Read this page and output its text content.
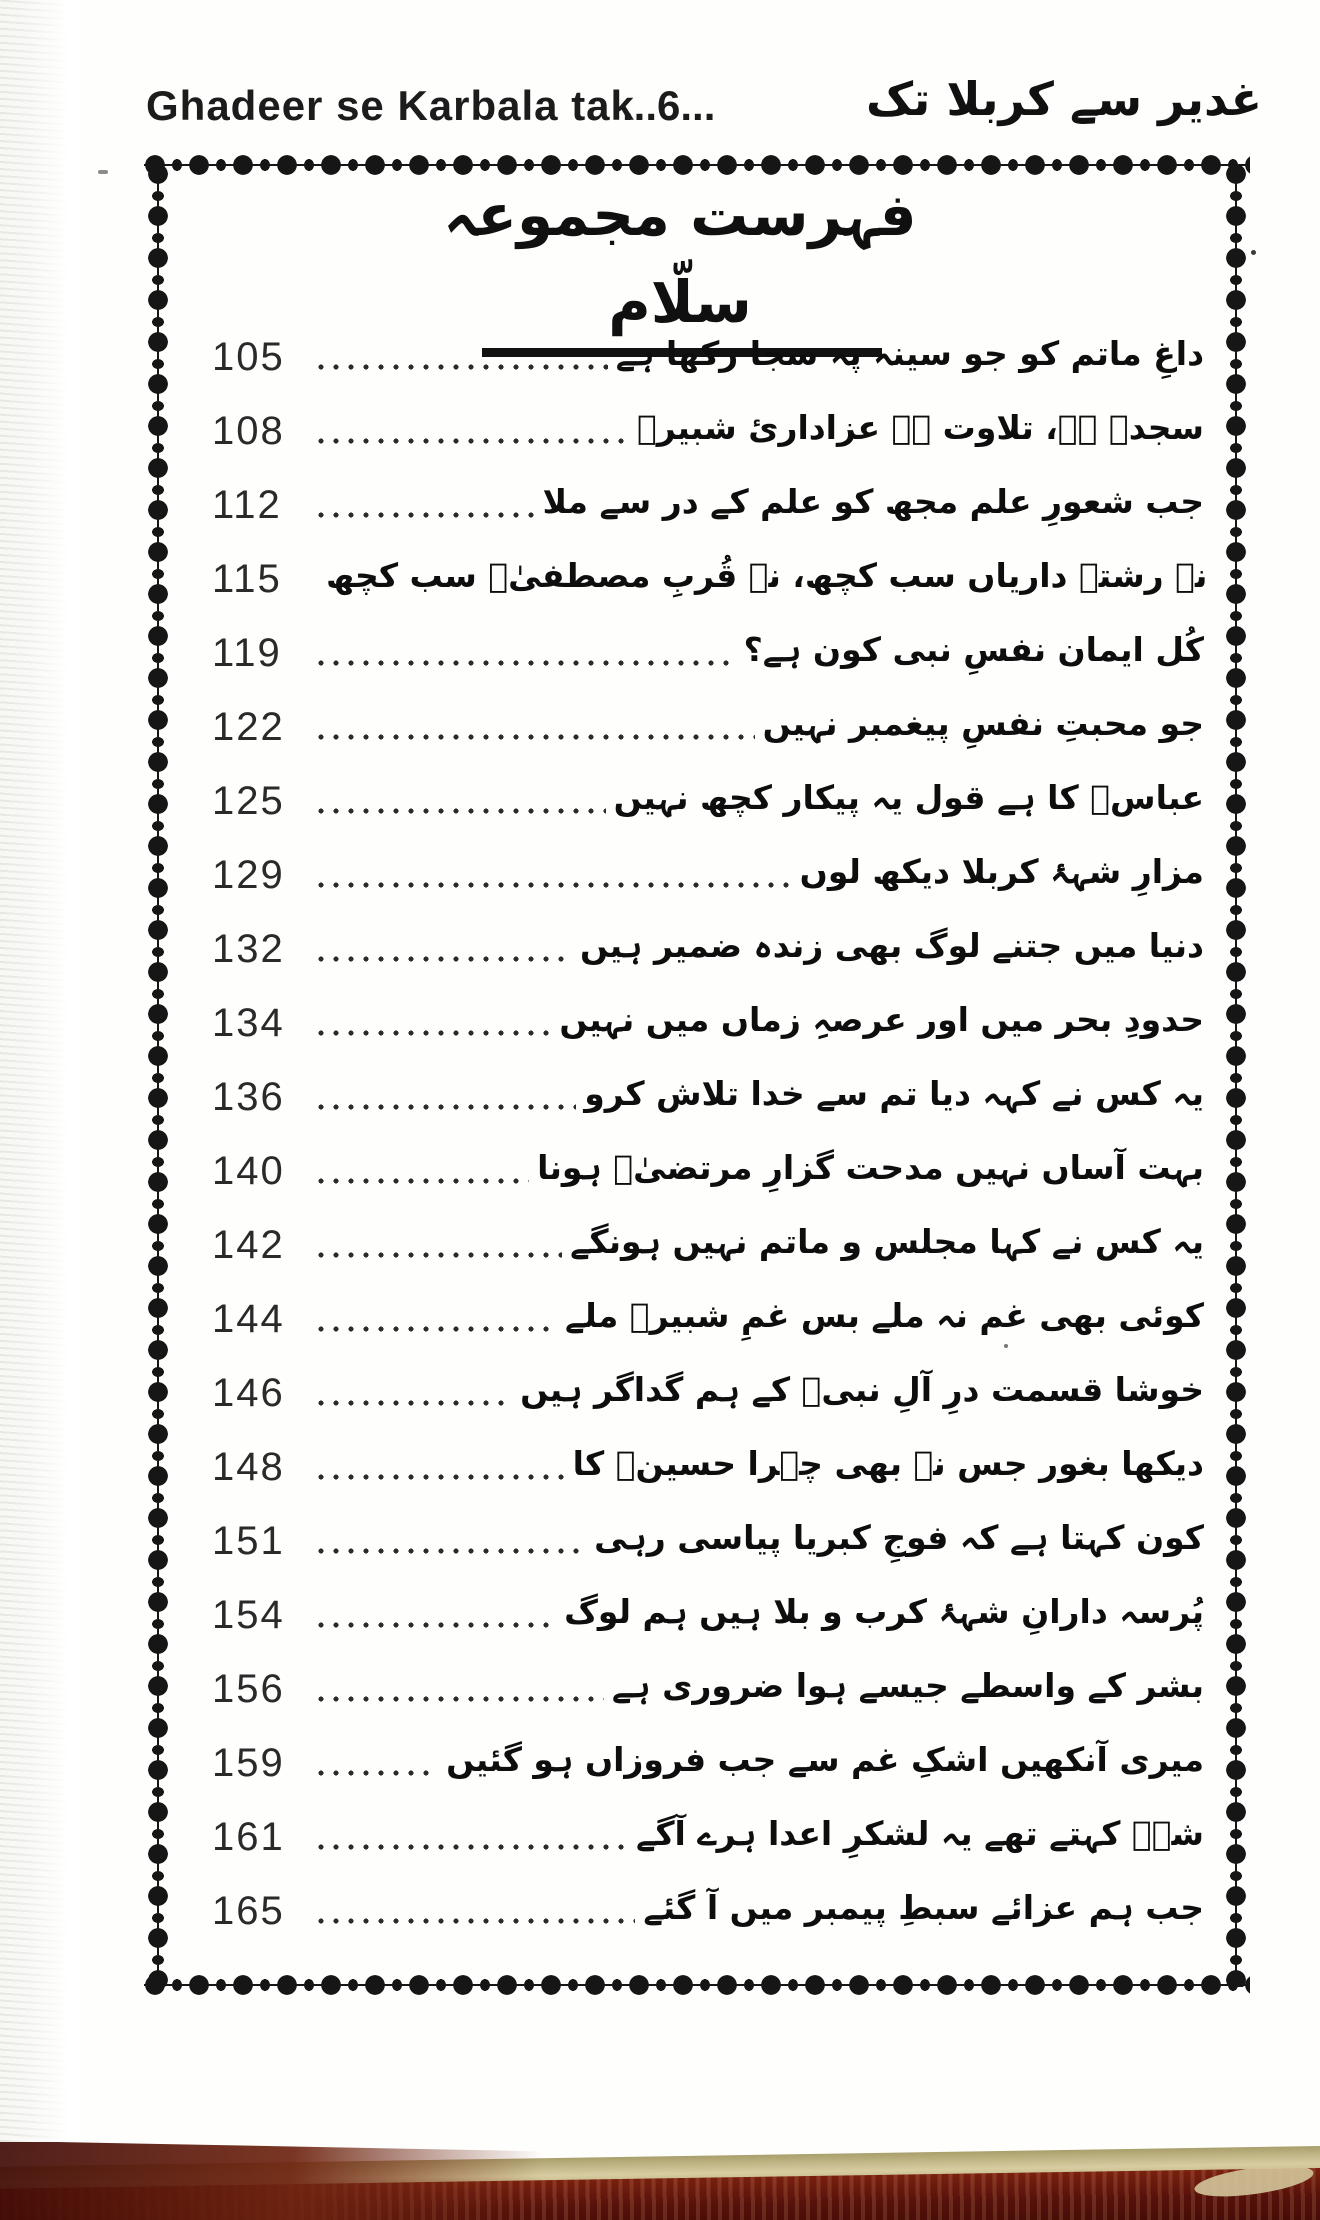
Ghadeer se Karbala tak
...6...	غدیر سے کربلا تک
فہرست مجموعہ سلّام
105	داغِ ماتم کو جو سینہ پہ سجا رکھا ہے
108	سجدہ ہے، تلاوت ہے عزاداریٔ شبیرؑ
112	جب شعورِ علم مجھ کو علم کے در سے ملا
115	نہ رشتے داریاں سب کچھ، نہ قُربِ مصطفیٰؐ سب کچھ
119	کُل ایمان نفسِ نبی کون ہے؟
122	جو محبتِ نفسِ پیغمبر نہیں
125	عباسؑ کا ہے قول یہ پیکار کچھ نہیں
129	مزارِ شہۂ کربلا دیکھ لوں
132	دنیا میں جتنے لوگ بھی زندہ ضمیر ہیں
134	حدودِ بحر میں اور عرصہِ زماں میں نہیں
136	یہ کس نے کہہ دیا تم سے خدا تلاش کرو
140	بہت آساں نہیں مدحت گزارِ مرتضیٰؑ ہونا
142	یہ کس نے کہا مجلس و ماتم نہیں ہونگے
144	کوئی بھی غم نہ ملے بس غمِ شبیرؑ ملے
146	خوشا قسمت درِ آلِ نبیؐ کے ہم گداگر ہیں
148	دیکھا بغور جس نے بھی چہرا حسینؑ کا
151	کون کہتا ہے کہ فوجِ کبریا پیاسی رہی
154	پُرسہ دارانِ شہۂ کرب و بلا ہیں ہم لوگ
156	بشر کے واسطے جیسے ہوا ضروری ہے
159	میری آنکھیں اشکِ غم سے جب فروزاں ہو گئیں
161	شہؑ کہتے تھے یہ لشکرِ اعدا ہرے آگے
165	جب ہم عزائے سبطِ پیمبر میں آ گئے
